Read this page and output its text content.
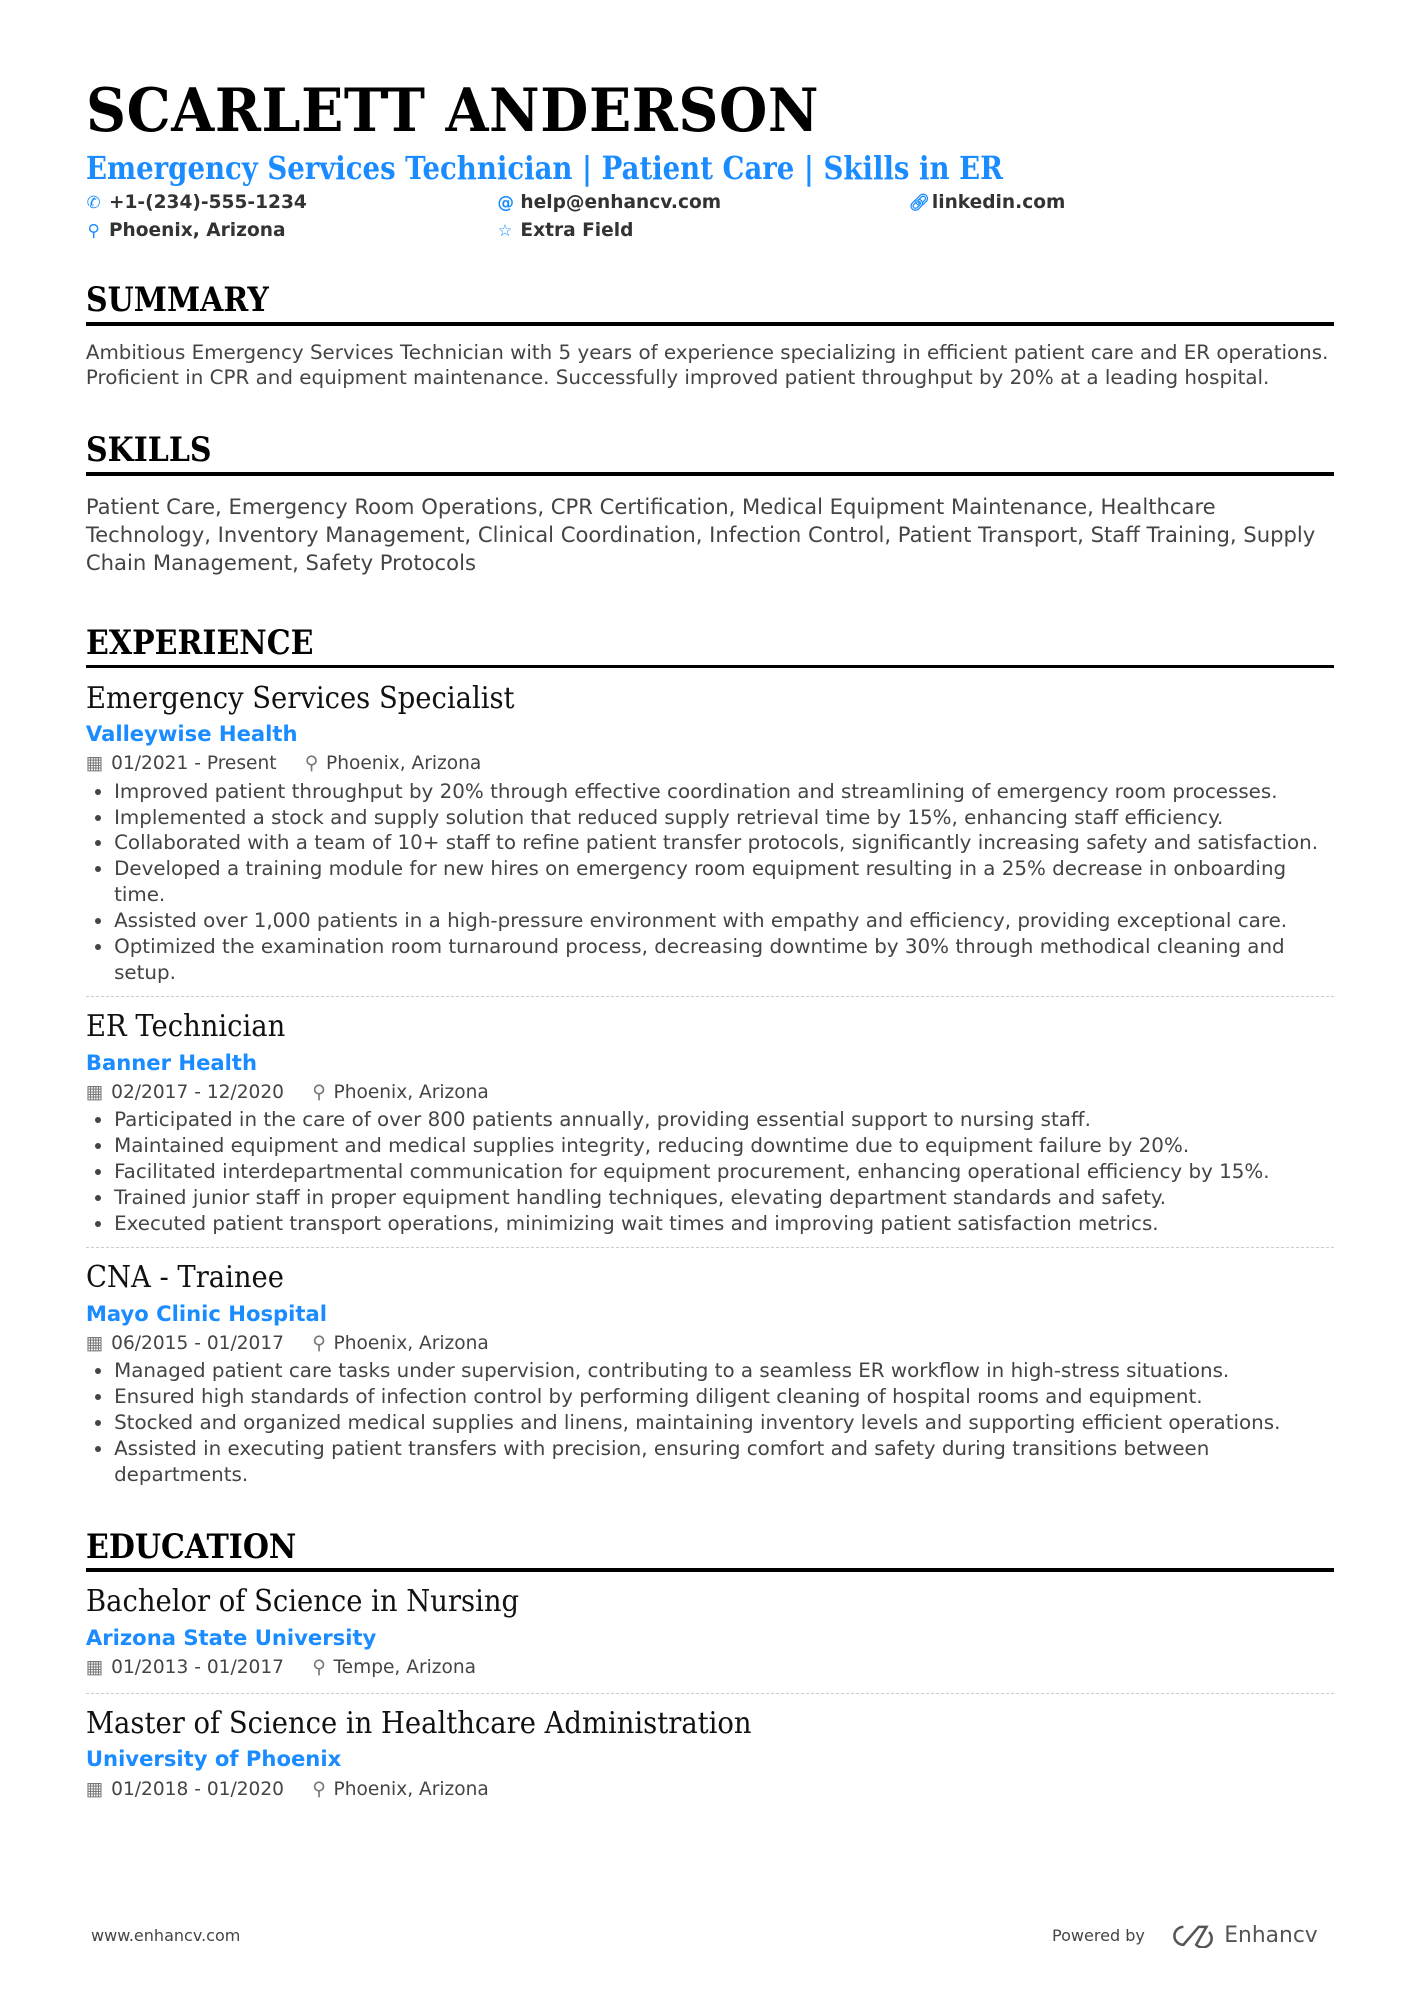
SCARLETT ANDERSON
Emergency Services Technician | Patient Care | Skills in ER
✆ +1-(234)-555-1234	@ help@enhancv.com	🔗︎ linkedin.com
⚲ Phoenix, Arizona	☆ Extra Field
SUMMARY
Ambitious Emergency Services Technician with 5 years of experience specializing in efficient patient care and ER operations. Proficient in CPR and equipment maintenance. Successfully improved patient throughput by 20% at a leading hospital.
SKILLS
Patient Care, Emergency Room Operations, CPR Certification, Medical Equipment Maintenance, Healthcare Technology, Inventory Management, Clinical Coordination, Infection Control, Patient Transport, Staff Training, Supply Chain Management, Safety Protocols
EXPERIENCE
Emergency Services Specialist
Valleywise Health
▦ 01/2021 - Present ⚲ Phoenix, Arizona
• Improved patient throughput by 20% through effective coordination and streamlining of emergency room processes.
• Implemented a stock and supply solution that reduced supply retrieval time by 15%, enhancing staff efficiency.
• Collaborated with a team of 10+ staff to refine patient transfer protocols, significantly increasing safety and satisfaction.
• Developed a training module for new hires on emergency room equipment resulting in a 25% decrease in onboarding time.
• Assisted over 1,000 patients in a high-pressure environment with empathy and efficiency, providing exceptional care.
• Optimized the examination room turnaround process, decreasing downtime by 30% through methodical cleaning and setup.
ER Technician
Banner Health
▦ 02/2017 - 12/2020 ⚲ Phoenix, Arizona
• Participated in the care of over 800 patients annually, providing essential support to nursing staff.
• Maintained equipment and medical supplies integrity, reducing downtime due to equipment failure by 20%.
• Facilitated interdepartmental communication for equipment procurement, enhancing operational efficiency by 15%.
• Trained junior staff in proper equipment handling techniques, elevating department standards and safety.
• Executed patient transport operations, minimizing wait times and improving patient satisfaction metrics.
CNA - Trainee
Mayo Clinic Hospital
▦ 06/2015 - 01/2017 ⚲ Phoenix, Arizona
• Managed patient care tasks under supervision, contributing to a seamless ER workflow in high-stress situations.
• Ensured high standards of infection control by performing diligent cleaning of hospital rooms and equipment.
• Stocked and organized medical supplies and linens, maintaining inventory levels and supporting efficient operations.
• Assisted in executing patient transfers with precision, ensuring comfort and safety during transitions between departments.
EDUCATION
Bachelor of Science in Nursing
Arizona State University
▦ 01/2013 - 01/2017 ⚲ Tempe, Arizona
Master of Science in Healthcare Administration
University of Phoenix
▦ 01/2018 - 01/2020 ⚲ Phoenix, Arizona
www.enhancv.com	Powered by	Enhancv
